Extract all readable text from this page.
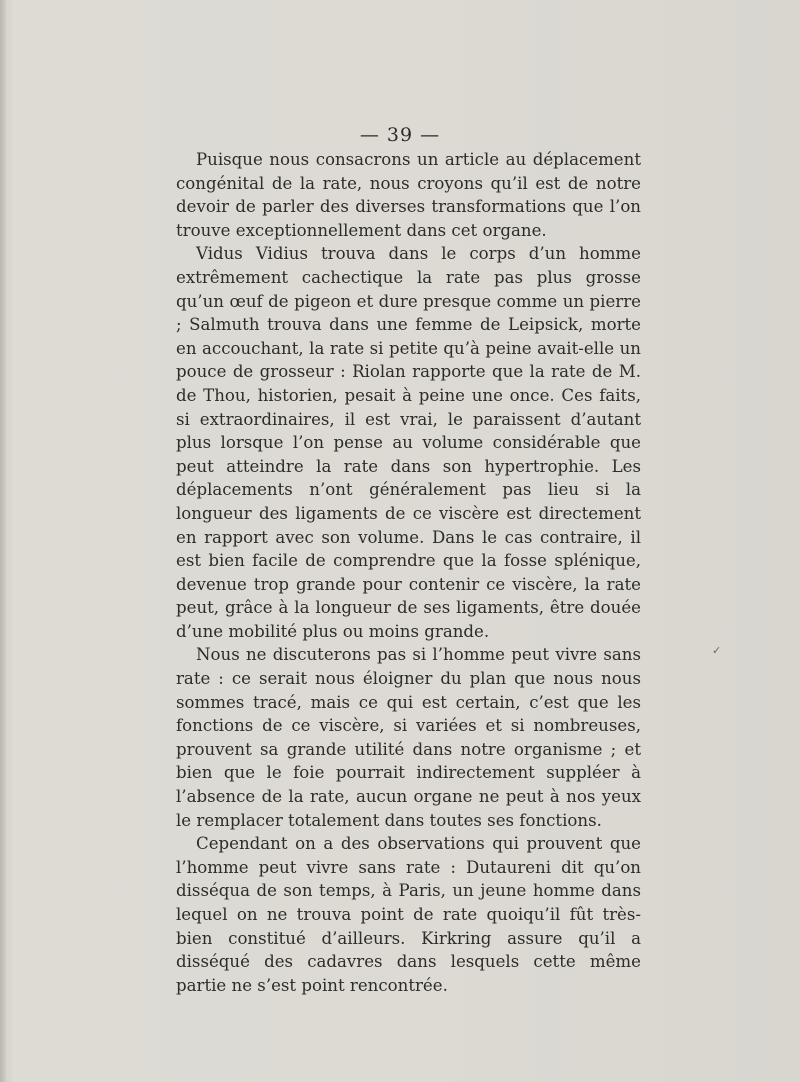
— 39 —

Puisque nous consacrons un article au déplacement congénital de la rate, nous croyons qu’il est de notre devoir de parler des diverses transformations que l’on trouve exceptionnellement dans cet organe.

Vidus Vidius trouva dans le corps d’un homme extrêmement cachectique la rate pas plus grosse qu’un œuf de pigeon et dure presque comme un pierre ; Salmuth trouva dans une femme de Leipsick, morte en accouchant, la rate si petite qu’à peine avait-elle un pouce de grosseur : Riolan rapporte que la rate de M. de Thou, historien, pesait à peine une once. Ces faits, si extraordinaires, il est vrai, le paraissent d’autant plus lorsque l’on pense au volume considérable que peut atteindre la rate dans son hypertrophie. Les déplacements n’ont généralement pas lieu si la longueur des ligaments de ce viscère est directement en rapport avec son volume. Dans le cas contraire, il est bien facile de comprendre que la fosse splénique, devenue trop grande pour contenir ce viscère, la rate peut, grâce à la longueur de ses ligaments, être douée d’une mobilité plus ou moins grande.

Nous ne discuterons pas si l’homme peut vivre sans rate : ce serait nous éloigner du plan que nous nous sommes tracé, mais ce qui est certain, c’est que les fonctions de ce viscère, si variées et si nombreuses, prouvent sa grande utilité dans notre organisme ; et bien que le foie pourrait indirectement suppléer à l’absence de la rate, aucun organe ne peut à nos yeux le remplacer totalement dans toutes ses fonctions.

Cependant on a des observations qui prouvent que l’homme peut vivre sans rate : Dutaureni dit qu’on disséqua de son temps, à Paris, un jeune homme dans lequel on ne trouva point de rate quoiqu’il fût très-bien constitué d’ailleurs. Kirkring assure qu’il a disséqué des cadavres dans lesquels cette même partie ne s’est point rencontrée.

✓
